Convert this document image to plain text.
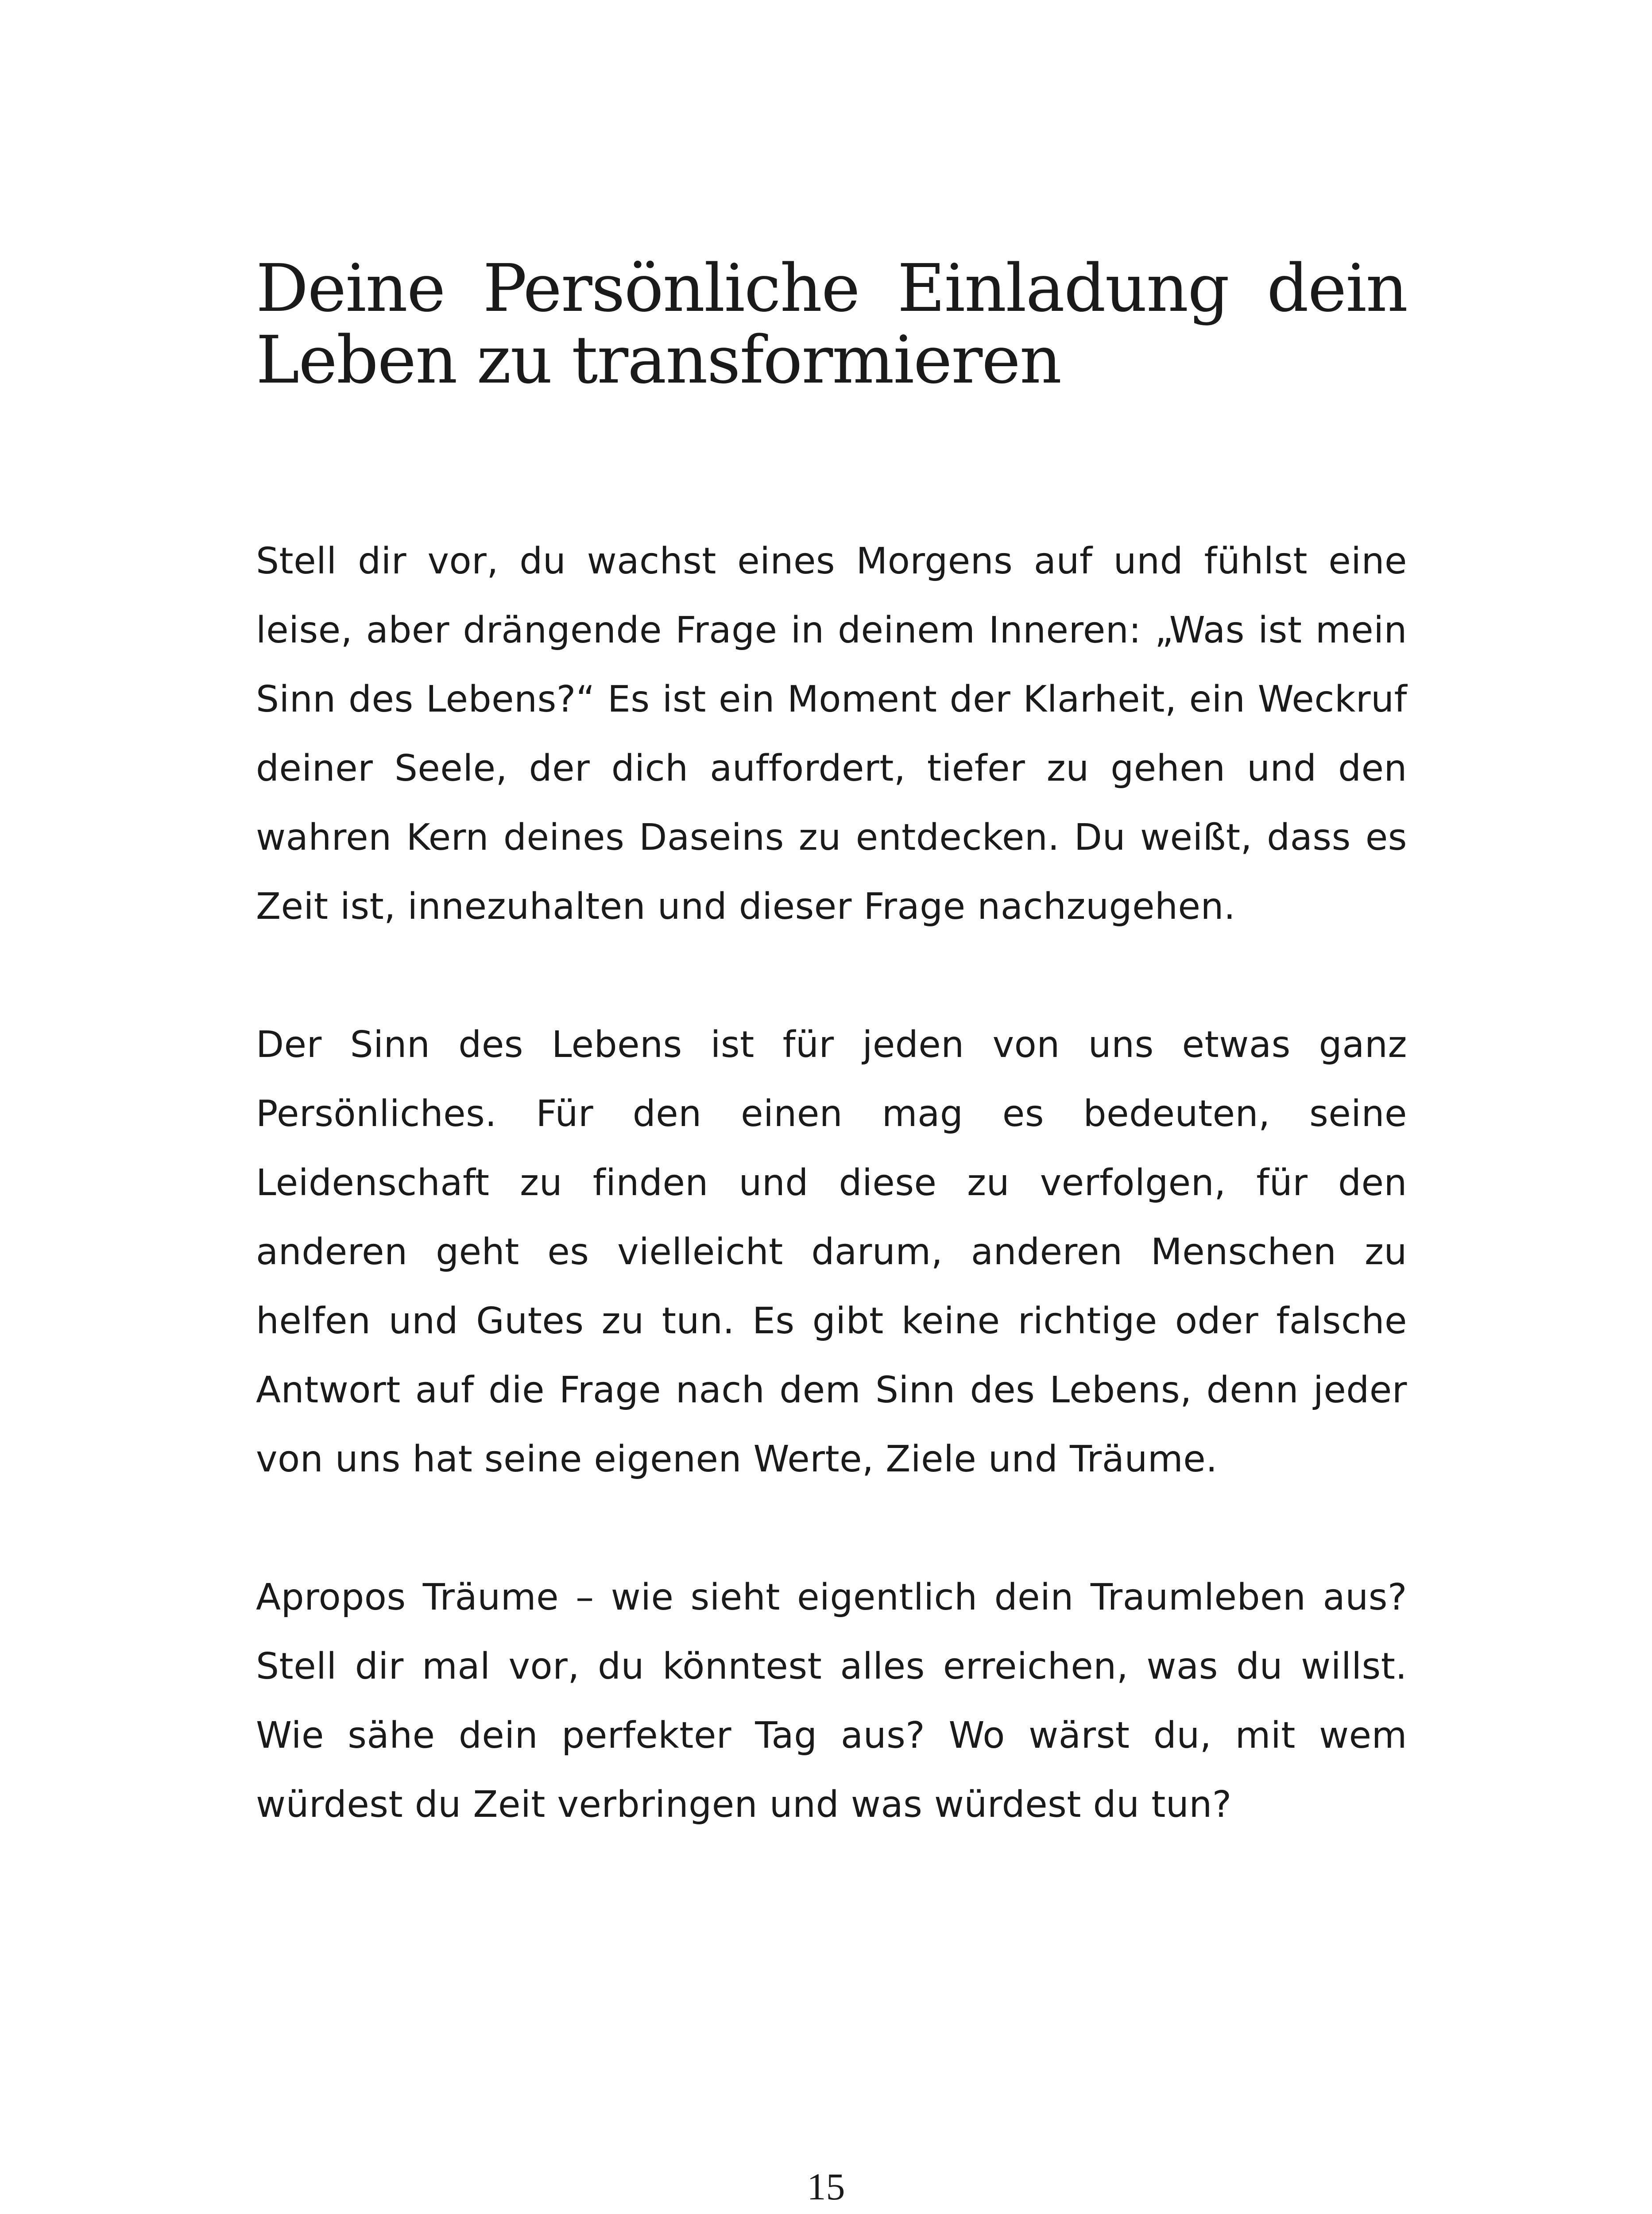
Deine Persönliche Einladung dein Leben zu transformieren

Stell dir vor, du wachst eines Morgens auf und fühlst eine leise, aber drängende Frage in deinem Inneren: „Was ist mein Sinn des Lebens?“ Es ist ein Moment der Klarheit, ein Weckruf deiner Seele, der dich auffordert, tiefer zu gehen und den wahren Kern deines Daseins zu entdecken. Du weißt, dass es Zeit ist, innezuhalten und dieser Frage nachzugehen.

Der Sinn des Lebens ist für jeden von uns etwas ganz Persönliches. Für den einen mag es bedeuten, seine Leidenschaft zu finden und diese zu verfolgen, für den anderen geht es vielleicht darum, anderen Menschen zu helfen und Gutes zu tun. Es gibt keine richtige oder falsche Antwort auf die Frage nach dem Sinn des Lebens, denn jeder von uns hat seine eigenen Werte, Ziele und Träume.

Apropos Träume – wie sieht eigentlich dein Traumleben aus? Stell dir mal vor, du könntest alles erreichen, was du willst. Wie sähe dein perfekter Tag aus? Wo wärst du, mit wem würdest du Zeit verbringen und was würdest du tun?

15
